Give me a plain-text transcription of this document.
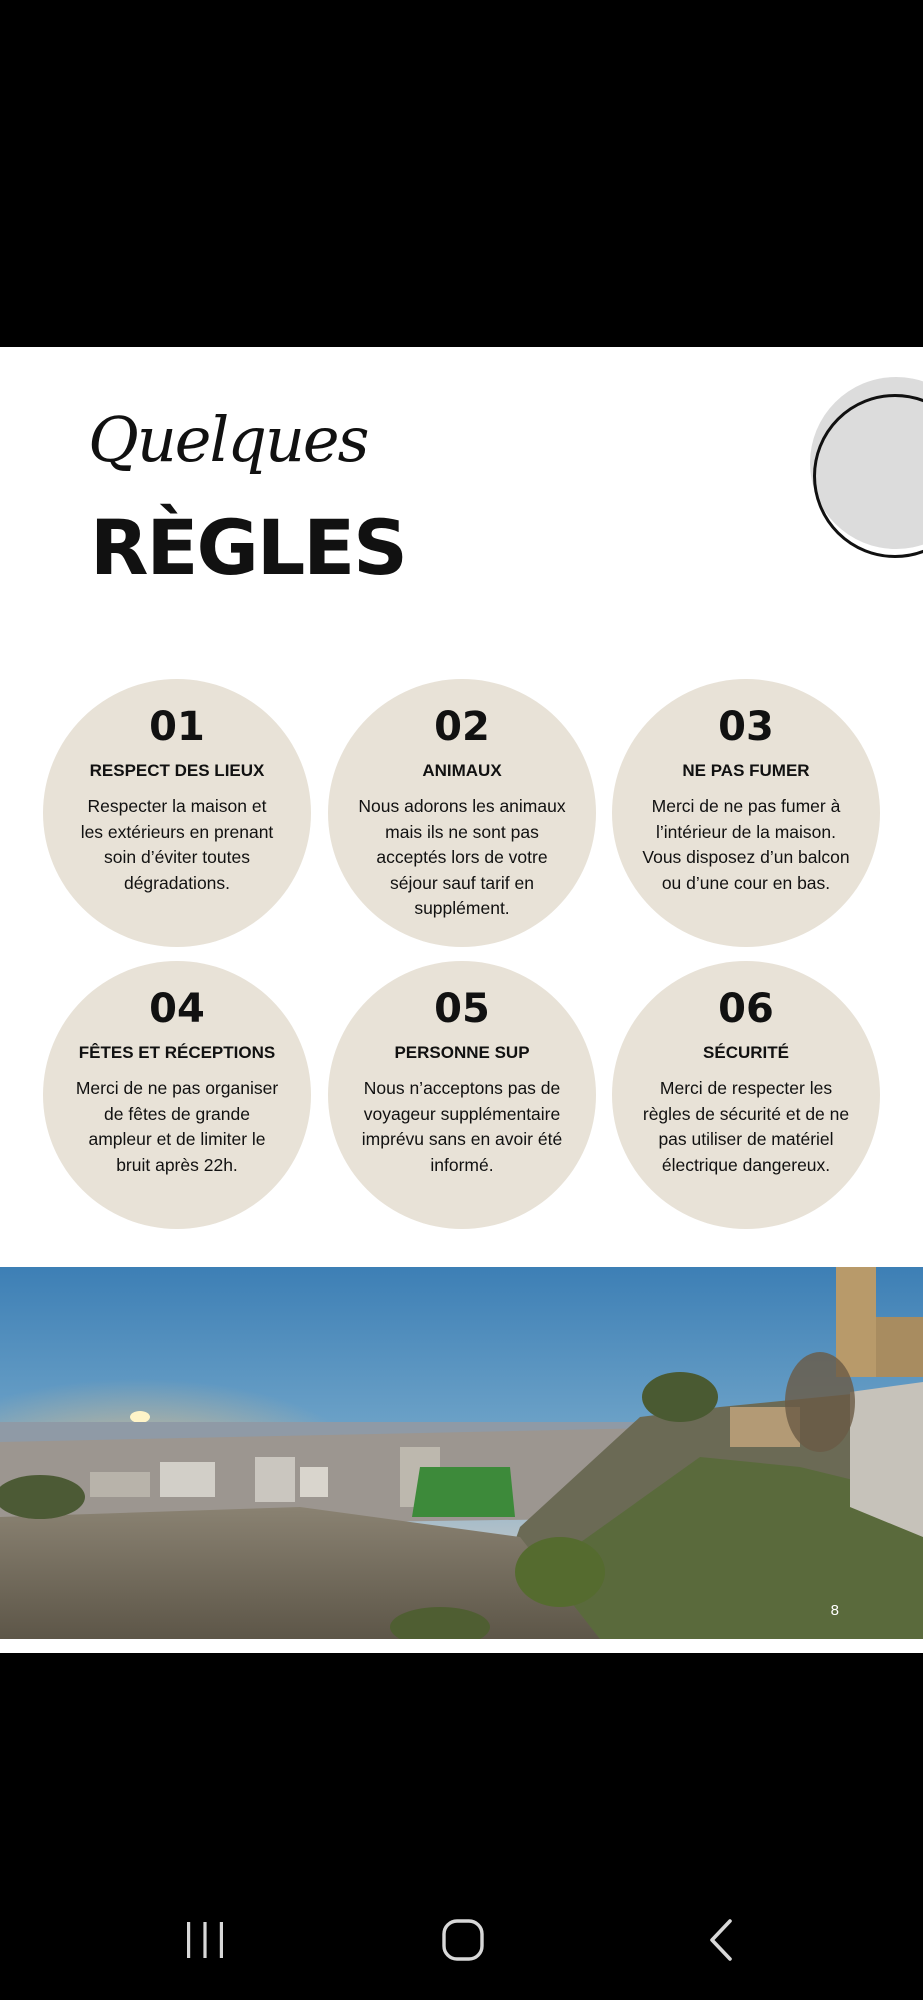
Quelques
RÈGLES
01
RESPECT DES LIEUX
Respecter la maison et les extérieurs en prenant soin d’éviter toutes dégradations.
02
ANIMAUX
Nous adorons les animaux mais ils ne sont pas acceptés lors de votre séjour sauf tarif en supplément.
03
NE PAS FUMER
Merci de ne pas fumer à l’intérieur de la maison. Vous disposez d’un balcon ou d’une cour en bas.
04
FÊTES ET RÉCEPTIONS
Merci de ne pas organiser de fêtes de grande ampleur et de limiter le bruit après 22h.
05
PERSONNE SUP
Nous n’acceptons pas de voyageur supplémentaire imprévu sans en avoir été informé.
06
SÉCURITÉ
Merci de respecter les règles de sécurité et de ne pas utiliser de matériel électrique dangereux.
8
